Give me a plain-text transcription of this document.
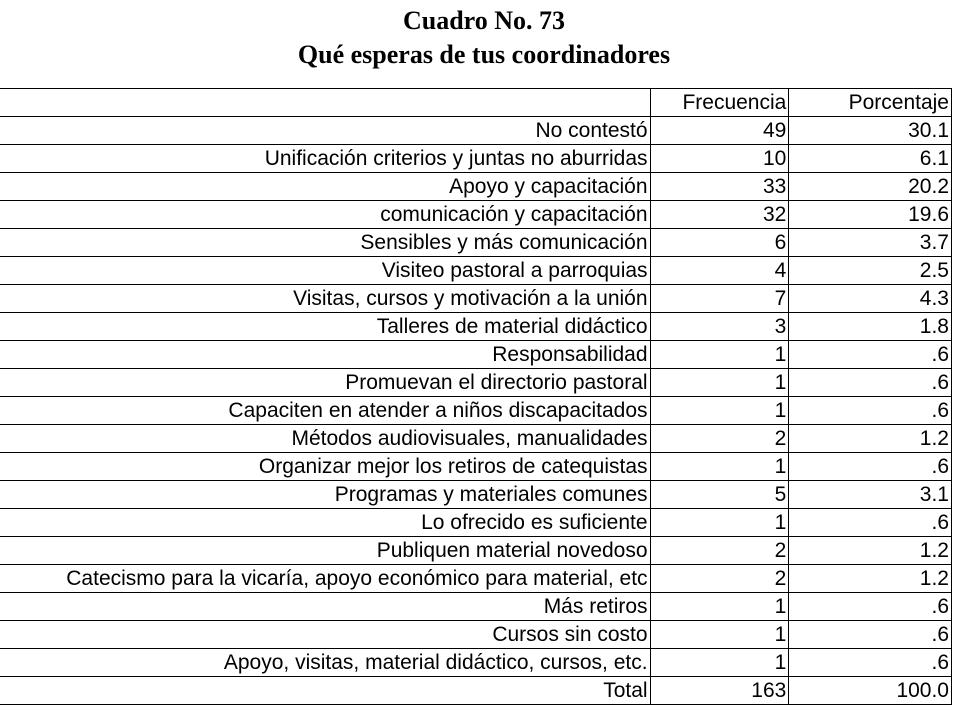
Cuadro No. 73
Qué esperas de tus coordinadores
	Frecuencia	Porcentaje
No contestó	49	30.1
Unificación criterios y juntas no aburridas	10	6.1
Apoyo y capacitación	33	20.2
comunicación y capacitación	32	19.6
Sensibles y más comunicación	6	3.7
Visiteo pastoral a parroquias	4	2.5
Visitas, cursos y motivación a la unión	7	4.3
Talleres de material didáctico	3	1.8
Responsabilidad	1	.6
Promuevan el directorio pastoral	1	.6
Capaciten en atender a niños discapacitados	1	.6
Métodos audiovisuales, manualidades	2	1.2
Organizar mejor los retiros de catequistas	1	.6
Programas y materiales comunes	5	3.1
Lo ofrecido es suficiente	1	.6
Publiquen material novedoso	2	1.2
Catecismo para la vicaría, apoyo económico para material, etc	2	1.2
Más retiros	1	.6
Cursos sin costo	1	.6
Apoyo, visitas, material didáctico, cursos, etc.	1	.6
Total	163	100.0
